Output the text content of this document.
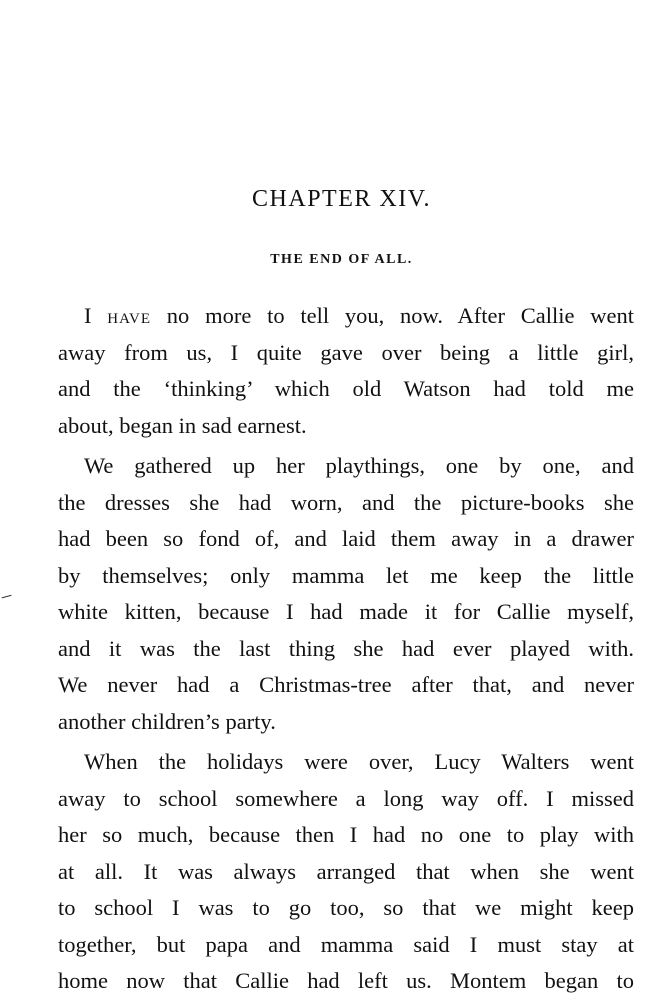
CHAPTER XIV.
THE END OF ALL.
I HAVE no more to tell you, now. After Callie went
away from us, I quite gave over being a little girl,
and the ‘thinking’ which old Watson had told me
about, began in sad earnest.
We gathered up her playthings, one by one, and
the dresses she had worn, and the picture-books she
had been so fond of, and laid them away in a drawer
by themselves; only mamma let me keep the little
white kitten, because I had made it for Callie myself,
and it was the last thing she had ever played with.
We never had a Christmas-tree after that, and never
another children’s party.
When the holidays were over, Lucy Walters went
away to school somewhere a long way off. I missed
her so much, because then I had no one to play with
at all. It was always arranged that when she went
to school I was to go too, so that we might keep
together, but papa and mamma said I must stay at
home now that Callie had left us. Montem began to
